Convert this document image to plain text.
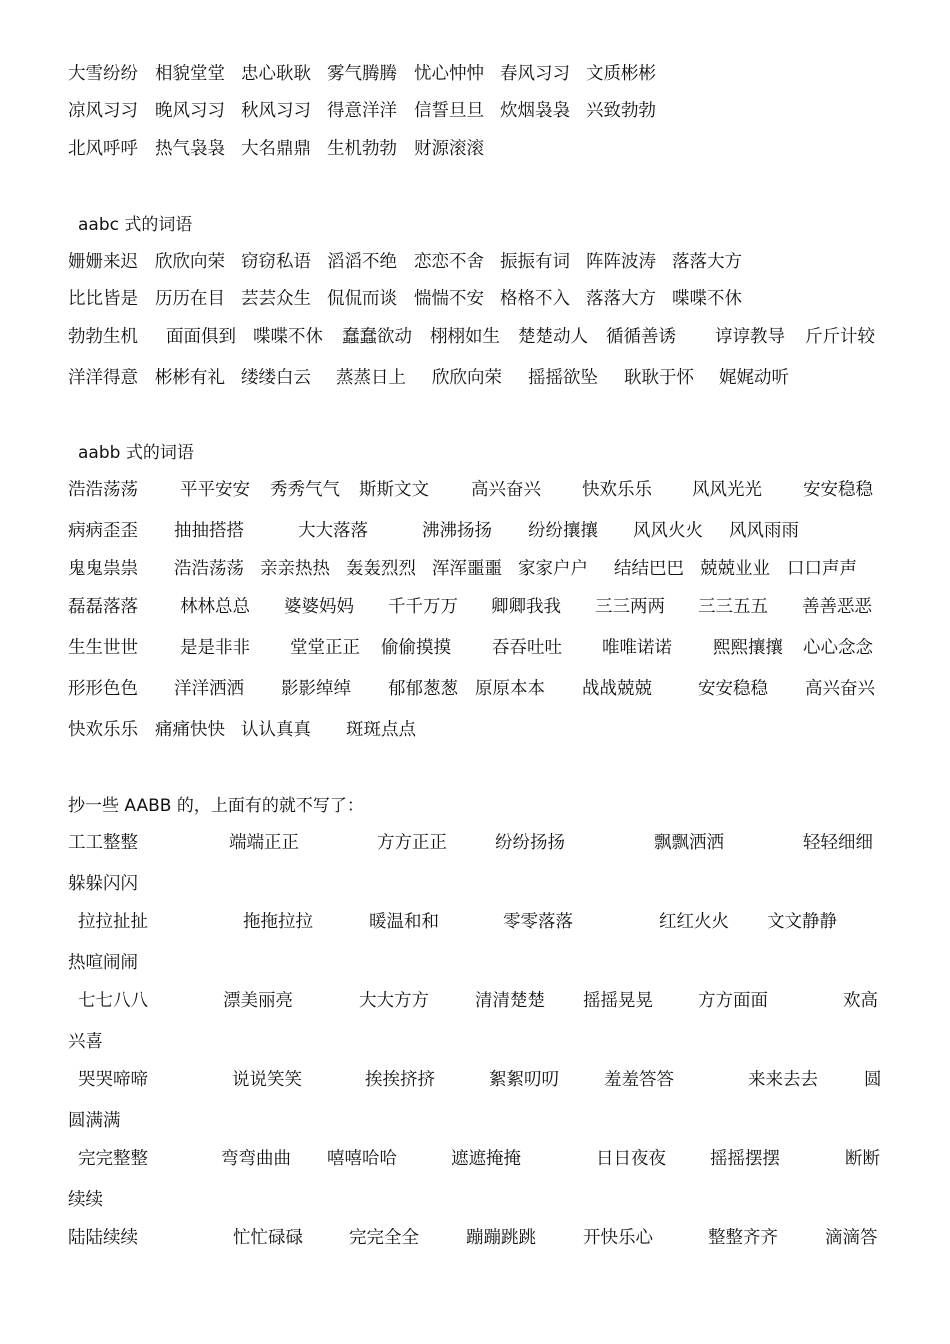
大雪纷纷 相貌堂堂 忠心耿耿 雾气腾腾 忧心忡忡 春风习习 文质彬彬
凉风习习 晚风习习 秋风习习 得意洋洋 信誓旦旦 炊烟袅袅 兴致勃勃
北风呼呼 热气袅袅 大名鼎鼎 生机勃勃 财源滚滚
aabc 式的词语
姗姗来迟 欣欣向荣 窃窃私语 滔滔不绝 恋恋不舍 振振有词 阵阵波涛 落落大方
比比皆是 历历在目 芸芸众生 侃侃而谈 惴惴不安 格格不入 落落大方 喋喋不休
勃勃生机 面面俱到 喋喋不休 蠢蠢欲动 栩栩如生 楚楚动人 循循善诱 谆谆教导 斤斤计较
洋洋得意 彬彬有礼 缕缕白云 蒸蒸日上 欣欣向荣 摇摇欲坠 耿耿于怀 娓娓动听
aabb 式的词语
浩浩荡荡 平平安安 秀秀气气 斯斯文文 高兴奋兴 快欢乐乐 风风光光 安安稳稳
病病歪歪 抽抽搭搭	大大落落	沸沸扬扬 纷纷攘攘 风风火火 风风雨雨
鬼鬼祟祟 浩浩荡荡 亲亲热热 轰轰烈烈 浑浑噩噩 家家户户 结结巴巴 兢兢业业 口口声声
磊磊落落 林林总总 婆婆妈妈 千千万万 卿卿我我 三三两两 三三五五 善善恶恶
生生世世 是是非非 堂堂正正 偷偷摸摸 吞吞吐吐 唯唯诺诺 熙熙攘攘 心心念念
形形色色 洋洋洒洒 影影绰绰 郁郁葱葱 原原本本 战战兢兢	安安稳稳 高兴奋兴
快欢乐乐 痛痛快快 认认真真 斑斑点点
抄一些 AABB 的，上面有的就不写了：
工工整整	端端正正	方方正正	纷纷扬扬	飘飘洒洒	轻轻细细
躲躲闪闪
拉拉扯扯	拖拖拉拉	暖温和和	零零落落	红红火火 文文静静
热喧闹闹
七七八八	漂美丽亮	大大方方	清清楚楚 摇摇晃晃	方方面面	欢高
兴喜
哭哭啼啼	说说笑笑	挨挨挤挤	絮絮叨叨	羞羞答答	来来去去	圆
圆满满
完完整整	弯弯曲曲 嘻嘻哈哈	遮遮掩掩	日日夜夜	摇摇摆摆	断断
续续
陆陆续续	忙忙碌碌	完完全全	蹦蹦跳跳	开快乐心	整整齐齐	滴滴答
